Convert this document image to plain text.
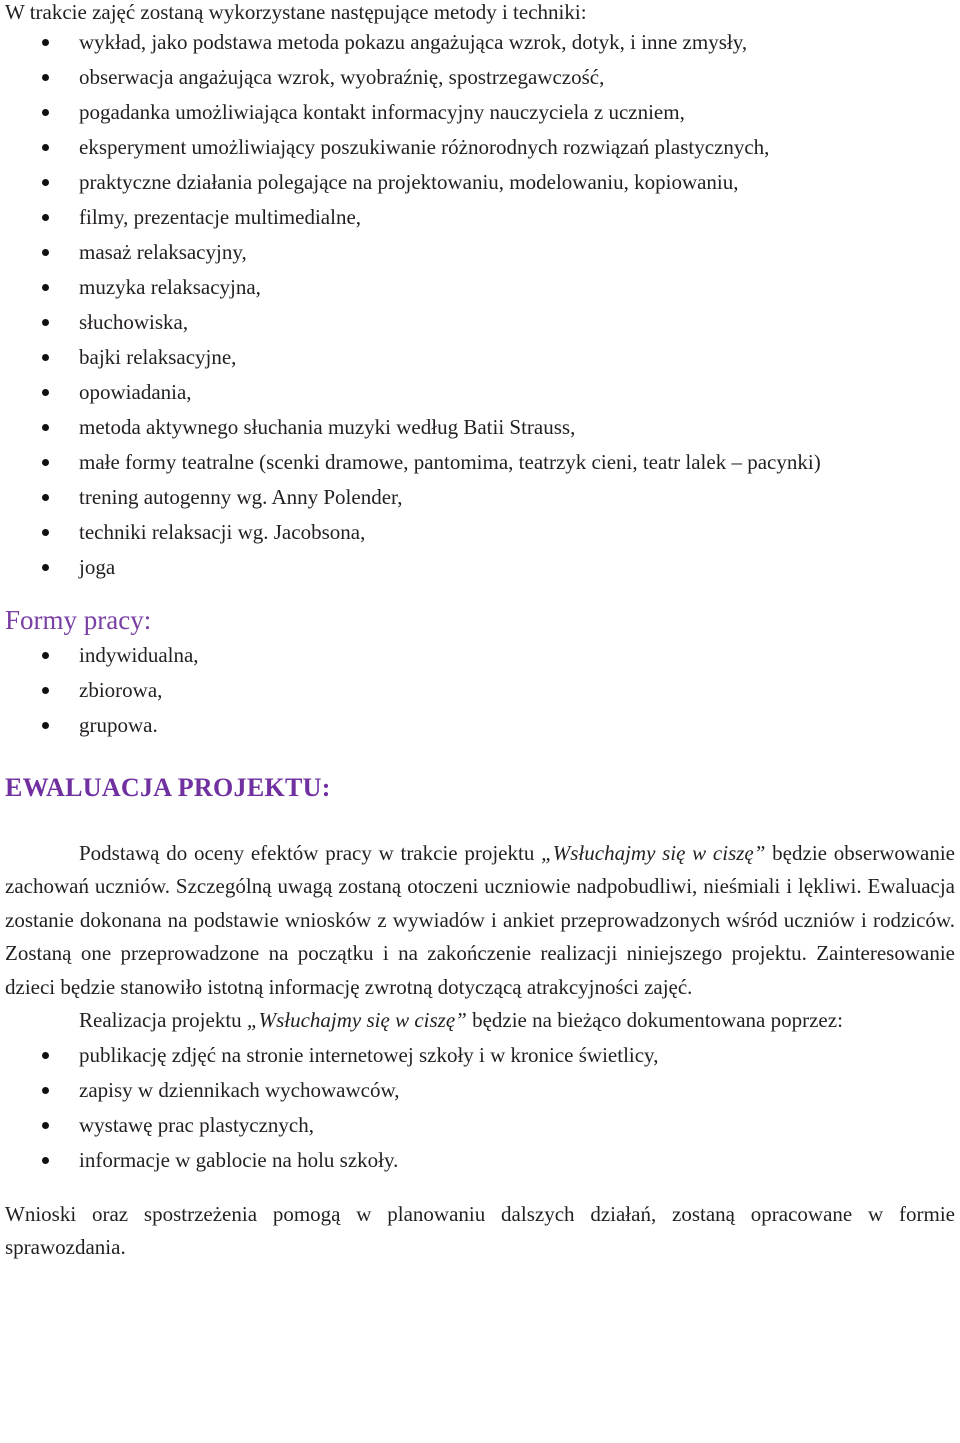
W trakcie zajęć zostaną wykorzystane następujące metody i techniki:

wykład, jako podstawa metoda pokazu angażująca wzrok, dotyk, i inne zmysły,
obserwacja angażująca wzrok, wyobraźnię, spostrzegawczość,
pogadanka umożliwiająca kontakt informacyjny nauczyciela z uczniem,
eksperyment umożliwiający poszukiwanie różnorodnych rozwiązań plastycznych,
praktyczne działania polegające na projektowaniu, modelowaniu, kopiowaniu,
filmy, prezentacje multimedialne,
masaż relaksacyjny,
muzyka relaksacyjna,
słuchowiska,
bajki relaksacyjne,
opowiadania,
metoda aktywnego słuchania muzyki według Batii Strauss,
małe formy teatralne (scenki dramowe, pantomima, teatrzyk cieni, teatr lalek – pacynki)
trening autogenny wg. Anny Polender,
techniki relaksacji wg. Jacobsona,
joga
Formy pracy:
indywidualna,
zbiorowa,
grupowa.
EWALUACJA PROJEKTU:

Podstawą do oceny efektów pracy w trakcie projektu „Wsłuchajmy się w ciszę” będzie obserwowanie zachowań uczniów. Szczególną uwagą zostaną otoczeni uczniowie nadpobudliwi, nieśmiali i lękliwi. Ewaluacja zostanie dokonana na podstawie wniosków z wywiadów i ankiet przeprowadzonych wśród uczniów i rodziców. Zostaną one przeprowadzone na początku i na zakończenie realizacji niniejszego projektu. Zainteresowanie dzieci będzie stanowiło istotną informację zwrotną dotyczącą atrakcyjności zajęć.

Realizacja projektu „Wsłuchajmy się w ciszę” będzie na bieżąco dokumentowana poprzez:

publikację zdjęć na stronie internetowej szkoły i w kronice świetlicy,
zapisy w dziennikach wychowawców,
wystawę prac plastycznych,
informacje w gablocie na holu szkoły.

Wnioski oraz spostrzeżenia pomogą w planowaniu dalszych działań, zostaną opracowane w formie sprawozdania.
